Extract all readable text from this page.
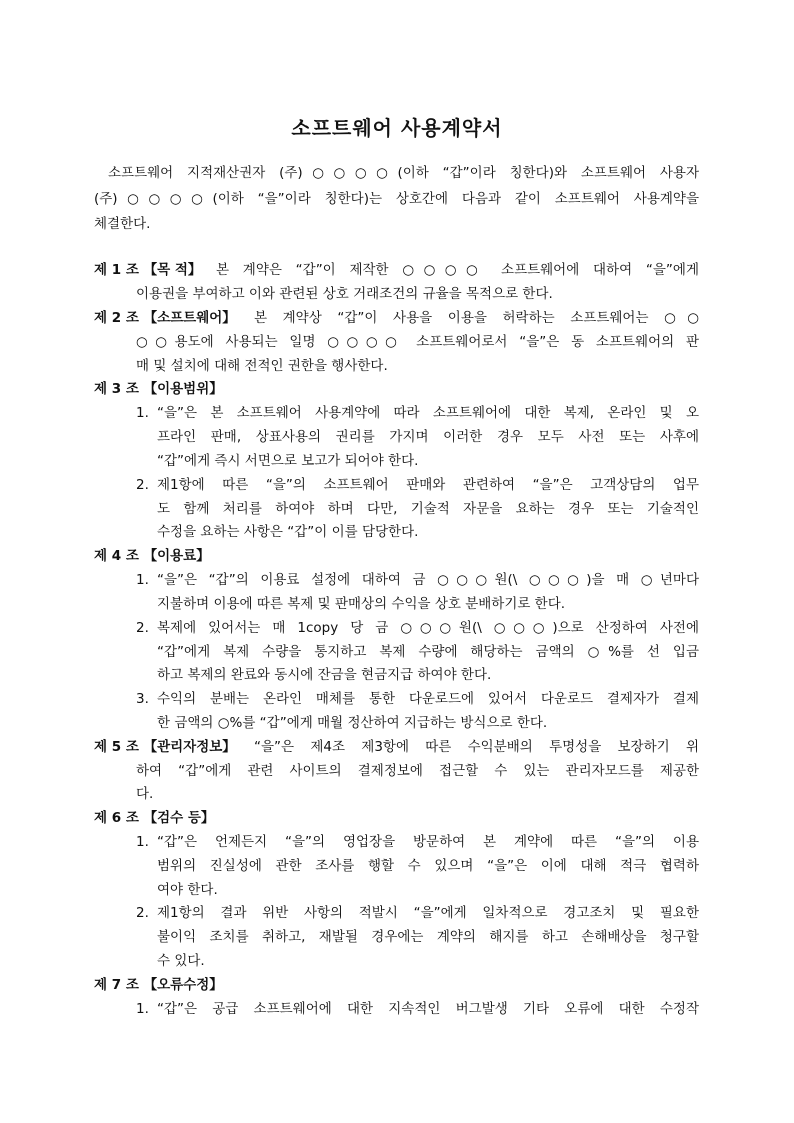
소프트웨어 사용계약서
소프트웨어 지적재산권자 (주)○○○○(이하 “갑”이라 칭한다)와 소프트웨어 사용자
(주)○○○○(이하 “을”이라 칭한다)는 상호간에 다음과 같이 소프트웨어 사용계약을
체결한다.
제 1 조 【목 적】 본 계약은 “갑”이 제작한 ○○○○ 소프트웨어에 대하여 “을”에게
이용권을 부여하고 이와 관련된 상호 거래조건의 규율을 목적으로 한다.
제 2 조 【소프트웨어】 본 계약상 “갑”이 사용을 이용을 허락하는 소프트웨어는 ○○
○○용도에 사용되는 일명 ○○○○ 소프트웨어로서 “을”은 동 소프트웨어의 판
매 및 설치에 대해 전적인 권한을 행사한다.
제 3 조 【이용범위】
1. “을”은 본 소프트웨어 사용계약에 따라 소프트웨어에 대한 복제, 온라인 및 오
프라인 판매, 상표사용의 권리를 가지며 이러한 경우 모두 사전 또는 사후에
“갑”에게 즉시 서면으로 보고가 되어야 한다.
2. 제1항에 따른 “을”의 소프트웨어 판매와 관련하여 “을”은 고객상담의 업무
도 함께 처리를 하여야 하며 다만, 기술적 자문을 요하는 경우 또는 기술적인
수정을 요하는 사항은 “갑”이 이를 담당한다.
제 4 조 【이용료】
1. “을”은 “갑”의 이용료 설정에 대하여 금 ○○○원(\ ○○○)을 매 ○년마다
지불하며 이용에 따른 복제 및 판매상의 수익을 상호 분배하기로 한다.
2. 복제에 있어서는 매 1copy 당 금 ○○○원(\ ○○○)으로 산정하여 사전에
“갑”에게 복제 수량을 통지하고 복제 수량에 해당하는 금액의 ○%를 선 입금
하고 복제의 완료와 동시에 잔금을 현금지급 하여야 한다.
3. 수익의 분배는 온라인 매체를 통한 다운로드에 있어서 다운로드 결제자가 결제
한 금액의 ○%를 “갑”에게 매월 정산하여 지급하는 방식으로 한다.
제 5 조 【관리자정보】 “을”은 제4조 제3항에 따른 수익분배의 투명성을 보장하기 위
하여 “갑”에게 관련 사이트의 결제정보에 접근할 수 있는 관리자모드를 제공한
다.
제 6 조 【검수 등】
1. “갑”은 언제든지 “을”의 영업장을 방문하여 본 계약에 따른 “을”의 이용
범위의 진실성에 관한 조사를 행할 수 있으며 “을”은 이에 대해 적극 협력하
여야 한다.
2. 제1항의 결과 위반 사항의 적발시 “을”에게 일차적으로 경고조치 및 필요한
불이익 조치를 취하고, 재발될 경우에는 계약의 해지를 하고 손해배상을 청구할
수 있다.
제 7 조 【오류수정】
1. “갑”은 공급 소프트웨어에 대한 지속적인 버그발생 기타 오류에 대한 수정작
